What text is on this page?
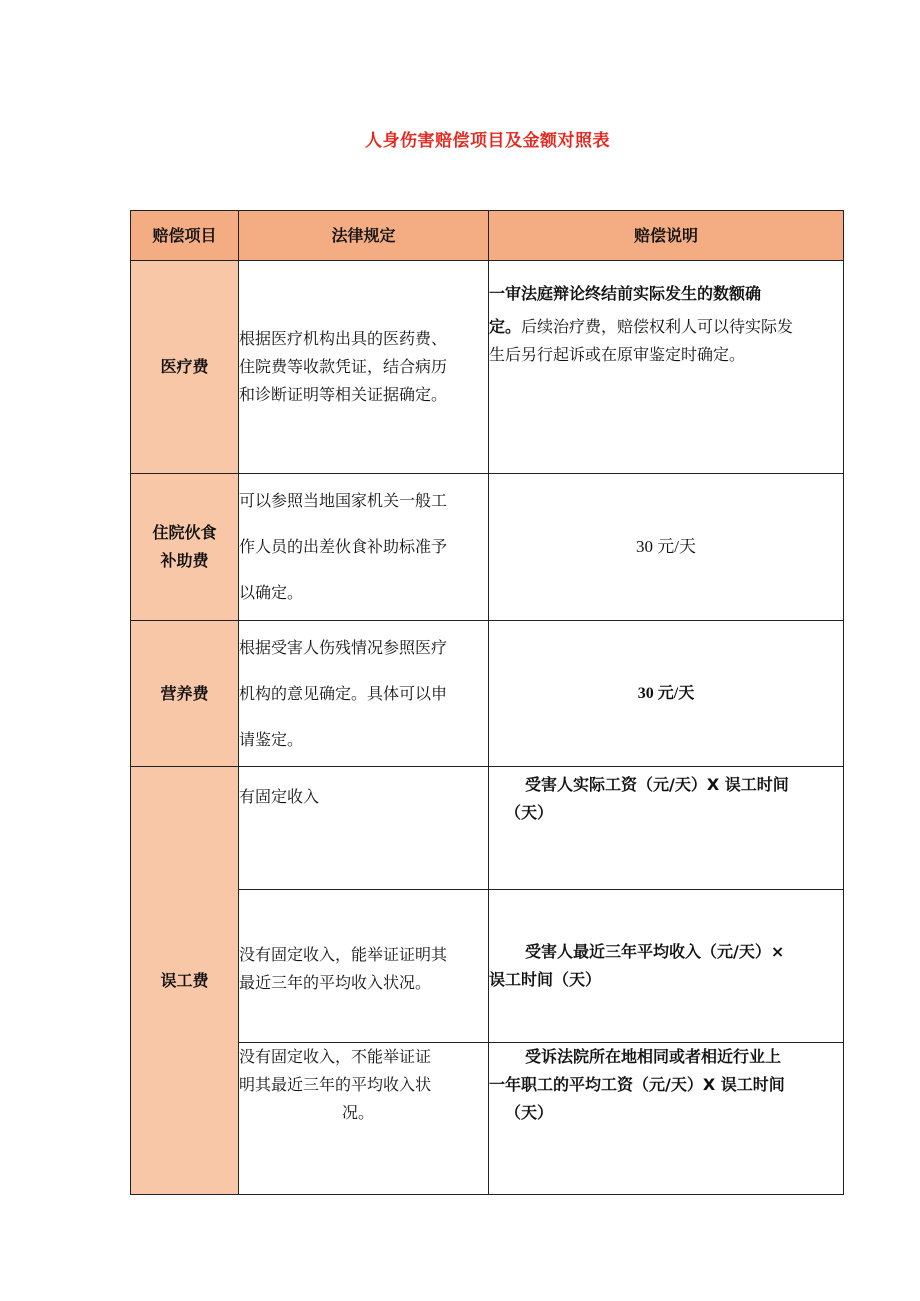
人身伤害赔偿项目及金额对照表
赔偿项目	法律规定	赔偿说明
医疗费	根据医疗机构出具的医药费、
住院费等收款凭证，结合病历
和诊断证明等相关证据确定。	一审法庭辩论终结前实际发生的数额确
定。后续治疗费，赔偿权利人可以待实际发
生后另行起诉或在原审鉴定时确定。

住院伙食
补助费	可以参照当地国家机关一般工
作人员的出差伙食补助标准予
以确定。	30 元/天
营养费	根据受害人伤残情况参照医疗
机构的意见确定。具体可以申
请鉴定。	30 元/天
误工费	有固定收入	受害人实际工资（元/天）X 误工时间
（天）

	没有固定收入，能举证证明其
最近三年的平均收入状况。	受害人最近三年平均收入（元/天）×
误工时间（天）

	没有固定收入，不能举证证
明其最近三年的平均收入状
况。	受诉法院所在地相同或者相近行业上
一年职工的平均工资（元/天）X 误工时间
（天）
